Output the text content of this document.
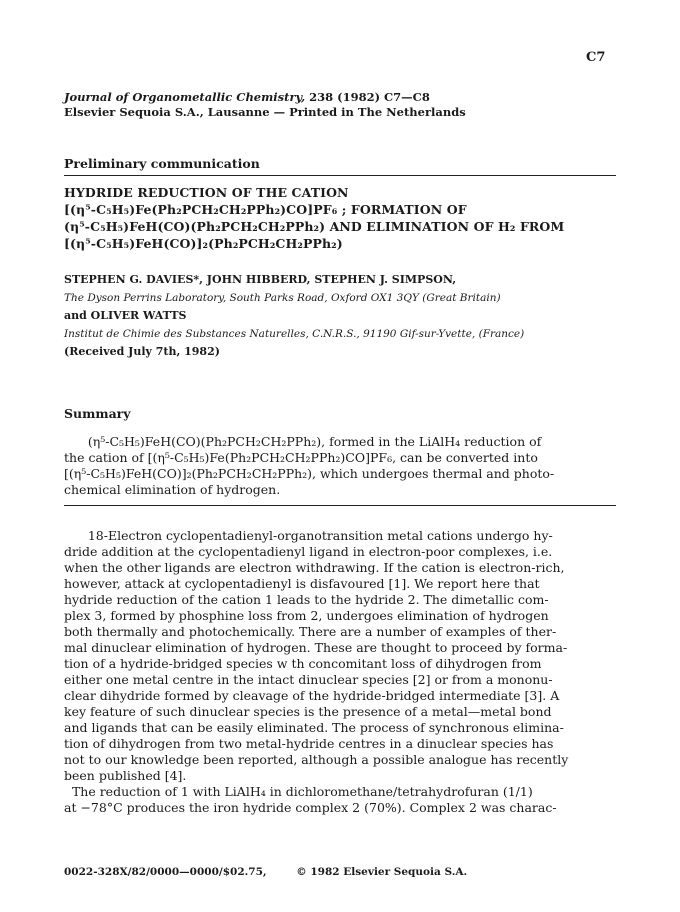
C7
Journal of Organometallic Chemistry, 238 (1982) C7—C8
Elsevier Sequoia S.A., Lausanne — Printed in The Netherlands
Preliminary communication
HYDRIDE REDUCTION OF THE CATION
[(η⁵-C₅H₅)Fe(Ph₂PCH₂CH₂PPh₂)CO]PF₆ ; FORMATION OF
(η⁵-C₅H₅)FeH(CO)(Ph₂PCH₂CH₂PPh₂) AND ELIMINATION OF H₂ FROM
[(η⁵-C₅H₅)FeH(CO)]₂(Ph₂PCH₂CH₂PPh₂)
STEPHEN G. DAVIES*, JOHN HIBBERD, STEPHEN J. SIMPSON,
The Dyson Perrins Laboratory, South Parks Road, Oxford OX1 3QY (Great Britain)
and OLIVER WATTS
Institut de Chimie des Substances Naturelles, C.N.R.S., 91190 Gif-sur-Yvette, (France)
(Received July 7th, 1982)
Summary
(η⁵-C₅H₅)FeH(CO)(Ph₂PCH₂CH₂PPh₂), formed in the LiAlH₄ reduction of
the cation of [(η⁵-C₅H₅)Fe(Ph₂PCH₂CH₂PPh₂)CO]PF₆, can be converted into
[(η⁵-C₅H₅)FeH(CO)]₂(Ph₂PCH₂CH₂PPh₂), which undergoes thermal and photo-
chemical elimination of hydrogen.
18-Electron cyclopentadienyl-organotransition metal cations undergo hy-
dride addition at the cyclopentadienyl ligand in electron-poor complexes, i.e.
when the other ligands are electron withdrawing. If the cation is electron-rich,
however, attack at cyclopentadienyl is disfavoured [1]. We report here that
hydride reduction of the cation 1 leads to the hydride 2. The dimetallic com-
plex 3, formed by phosphine loss from 2, undergoes elimination of hydrogen
both thermally and photochemically. There are a number of examples of ther-
mal dinuclear elimination of hydrogen. These are thought to proceed by forma-
tion of a hydride-bridged species w th concomitant loss of dihydrogen from
either one metal centre in the intact dinuclear species [2] or from a mononu-
clear dihydride formed by cleavage of the hydride-bridged intermediate [3]. A
key feature of such dinuclear species is the presence of a metal—metal bond
and ligands that can be easily eliminated. The process of synchronous elimina-
tion of dihydrogen from two metal-hydride centres in a dinuclear species has
not to our knowledge been reported, although a possible analogue has recently
been published [4].
The reduction of 1 with LiAlH₄ in dichloromethane/tetrahydrofuran (1/1)
at −78°C produces the iron hydride complex 2 (70%). Complex 2 was charac-
0022-328X/82/0000—0000/$02.75,	© 1982 Elsevier Sequoia S.A.
